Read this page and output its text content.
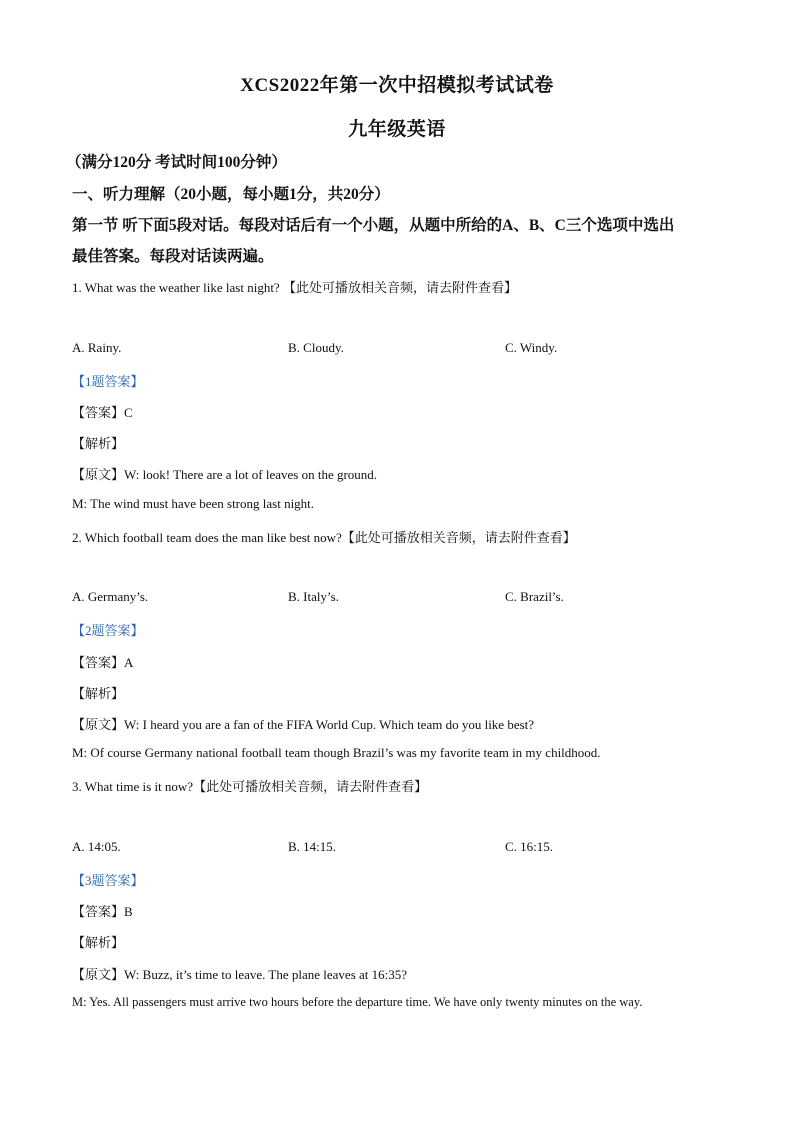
XCS2022年第一次中招模拟考试试卷
九年级英语
（满分120分 考试时间100分钟）
一、听力理解（20小题，每小题1分，共20分）
第一节 听下面5段对话。每段对话后有一个小题，从题中所给的A、B、C三个选项中选出
最佳答案。每段对话读两遍。
1. What was the weather like last night? 【此处可播放相关音频，请去附件查看】
A. Rainy.	B. Cloudy.	C. Windy.
【1题答案】
【答案】C
【解析】
【原文】W: look! There are a lot of leaves on the ground.
M: The wind must have been strong last night.
2. Which football team does the man like best now?【此处可播放相关音频，请去附件查看】
A. Germany’s.	B. Italy’s.	C. Brazil’s.
【2题答案】
【答案】A
【解析】
【原文】W: I heard you are a fan of the FIFA World Cup. Which team do you like best?
M: Of course Germany national football team though Brazil’s was my favorite team in my childhood.
3. What time is it now?【此处可播放相关音频，请去附件查看】
A. 14:05.	B. 14:15.	C. 16:15.
【3题答案】
【答案】B
【解析】
【原文】W: Buzz, it’s time to leave. The plane leaves at 16:35?
M: Yes. All passengers must arrive two hours before the departure time. We have only twenty minutes on the way.
